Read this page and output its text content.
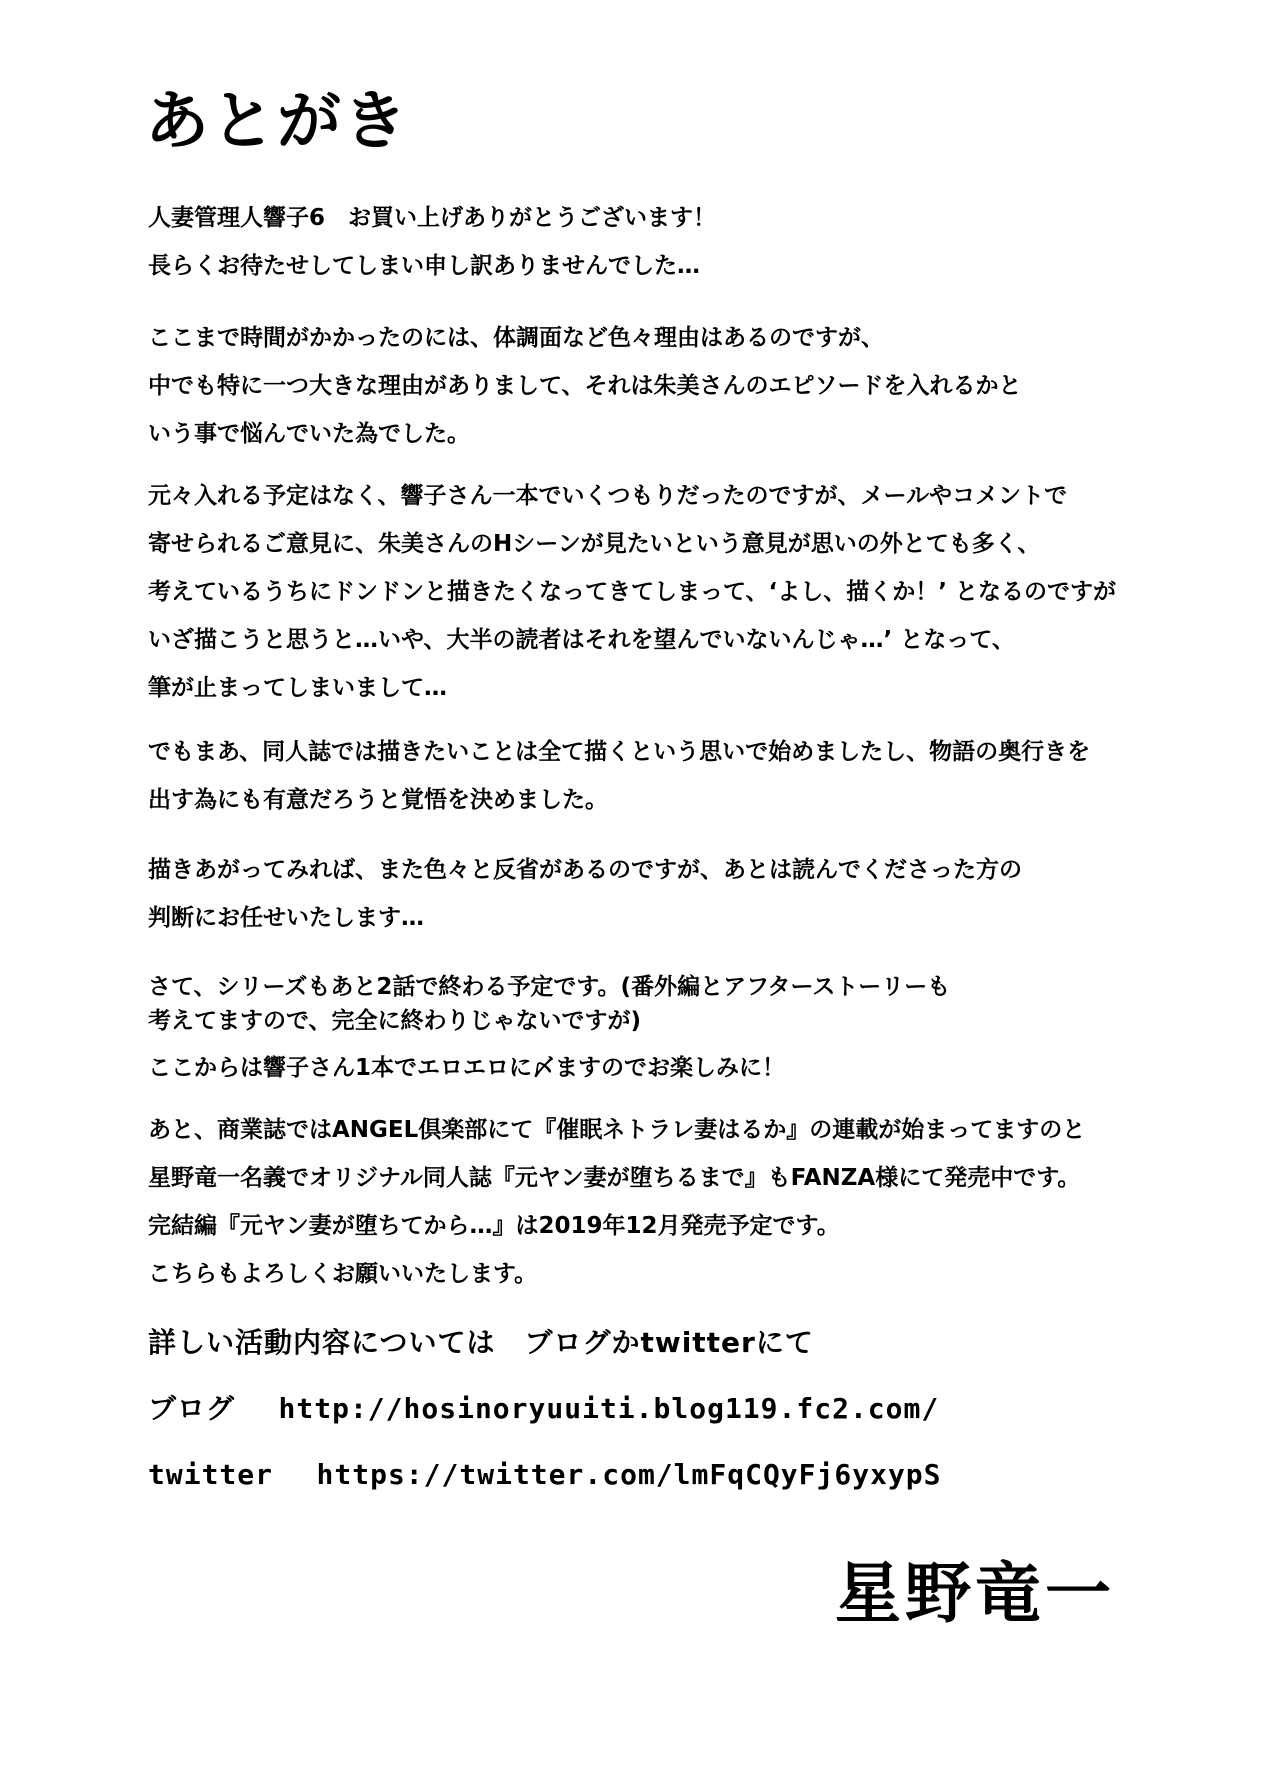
あとがき
人妻管理人響子6　お買い上げありがとうございます！
長らくお待たせしてしまい申し訳ありませんでした…
ここまで時間がかかったのには、体調面など色々理由はあるのですが、
中でも特に一つ大きな理由がありまして、それは朱美さんのエピソードを入れるかと
いう事で悩んでいた為でした。
元々入れる予定はなく、響子さん一本でいくつもりだったのですが、メールやコメントで
寄せられるご意見に、朱美さんのHシーンが見たいという意見が思いの外とても多く、
考えているうちにドンドンと描きたくなってきてしまって、‘よし、描くか！’ となるのですが
いざ描こうと思うと…いや、大半の読者はそれを望んでいないんじゃ…’ となって、
筆が止まってしまいまして…
でもまあ、同人誌では描きたいことは全て描くという思いで始めましたし、物語の奥行きを
出す為にも有意だろうと覚悟を決めました。
描きあがってみれば、また色々と反省があるのですが、あとは読んでくださった方の
判断にお任せいたします…
さて、シリーズもあと2話で終わる予定です。(番外編とアフターストーリーも
考えてますので、完全に終わりじゃないですが)
ここからは響子さん1本でエロエロに〆ますのでお楽しみに！
あと、商業誌ではANGEL倶楽部にて『催眠ネトラレ妻はるか』の連載が始まってますのと
星野竜一名義でオリジナル同人誌『元ヤン妻が堕ちるまで』もFANZA様にて発売中です。
完結編『元ヤン妻が堕ちてから…』は2019年12月発売予定です。
こちらもよろしくお願いいたします。
詳しい活動内容については　ブログかtwitterにて
ブログ http://hosinoryuuiti.blog119.fc2.com/
twitter https://twitter.com/lmFqCQyFj6yxypS
星野竜一
